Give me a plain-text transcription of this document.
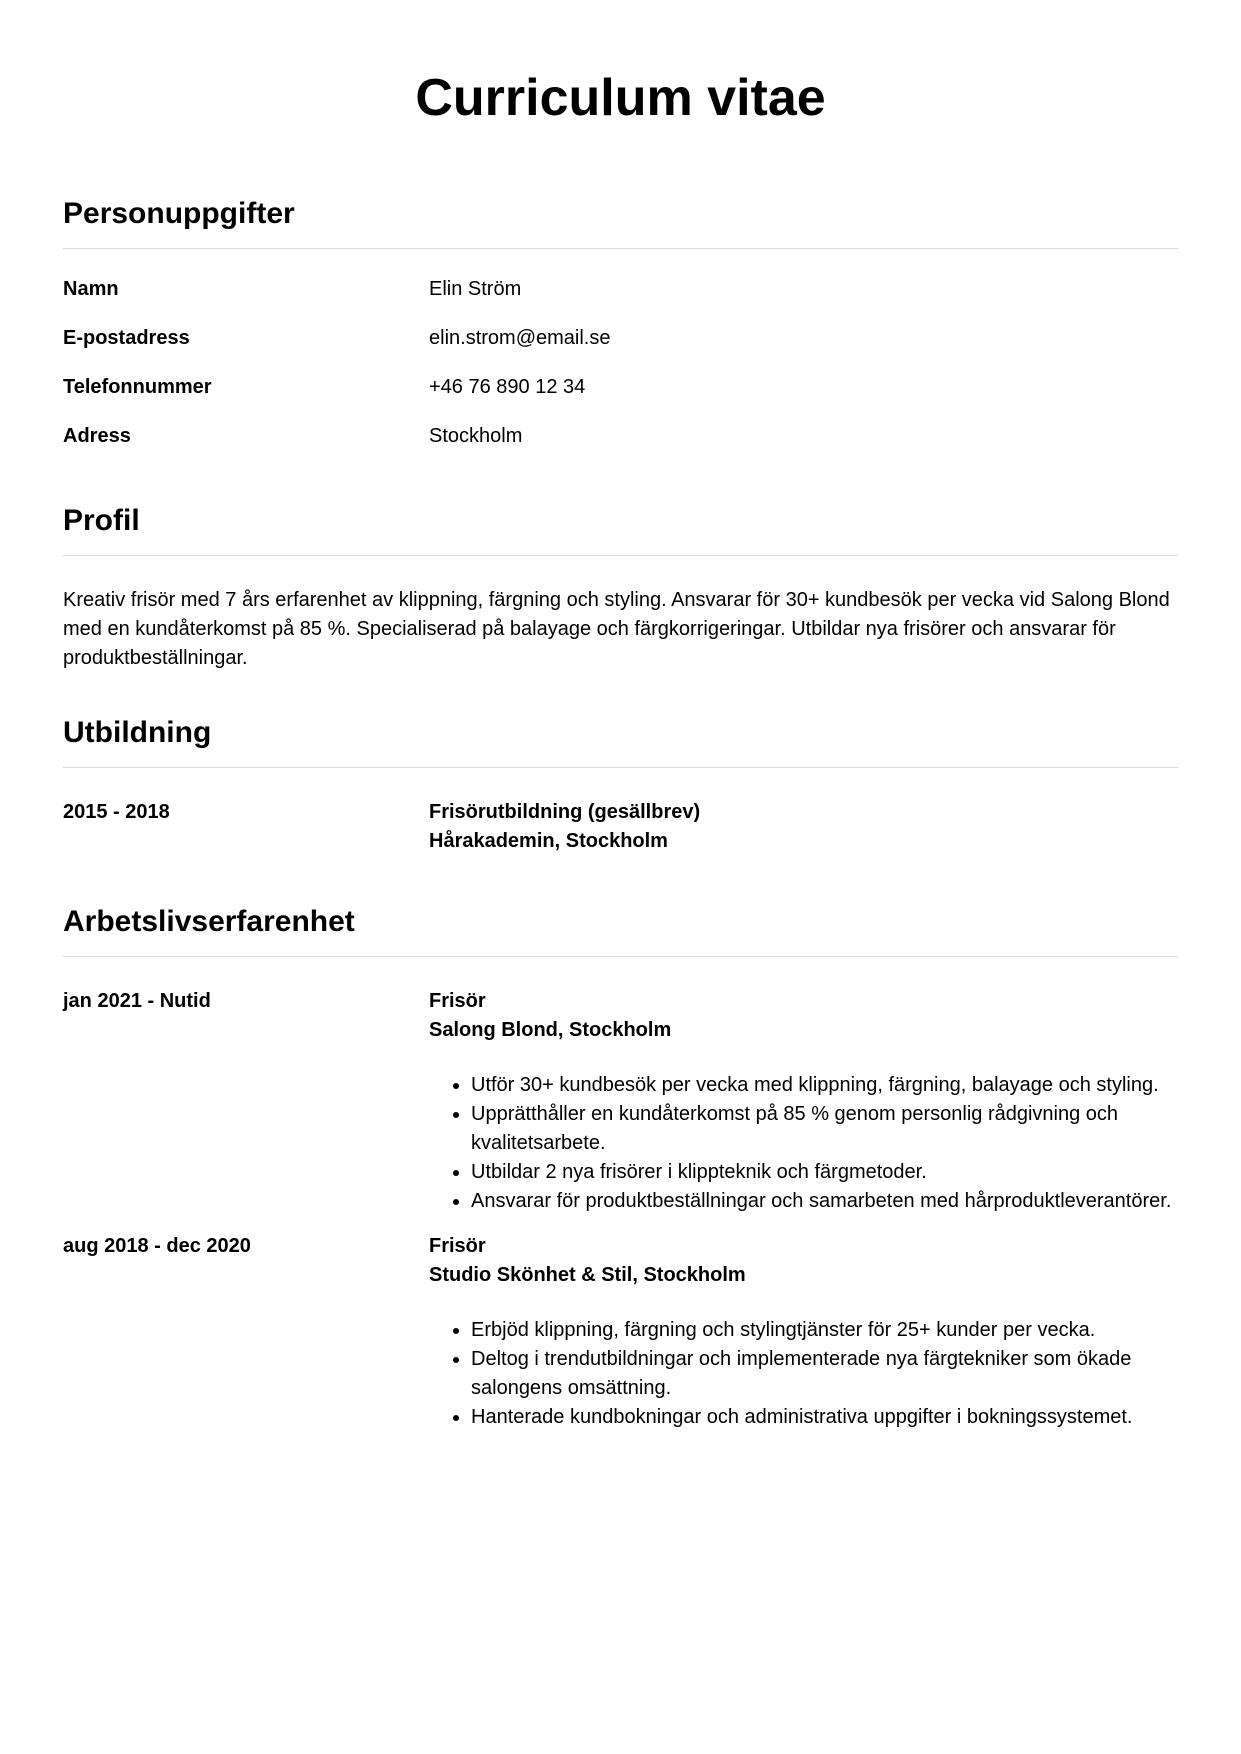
Curriculum vitae
Personuppgifter
Namn	Elin Ström
E-postadress	elin.strom@email.se
Telefonnummer	+46 76 890 12 34
Adress	Stockholm
Profil

Kreativ frisör med 7 års erfarenhet av klippning, färgning och styling. Ansvarar för 30+ kundbesök per vecka vid Salong Blond med en kundåterkomst på 85 %. Specialiserad på balayage och färgkorrigeringar. Utbildar nya frisörer och ansvarar för produktbeställningar.

Utbildning
2015 - 2018	Frisörutbildning (gesällbrev)
Hårakademin, Stockholm
Arbetslivserfarenhet
jan 2021 - Nutid	Frisör
Salong Blond, Stockholm
• Utför 30+ kundbesök per vecka med klippning, färgning, balayage och styling.
• Upprätthåller en kundåterkomst på 85 % genom personlig rådgivning och kvalitetsarbete.
• Utbildar 2 nya frisörer i klippteknik och färgmetoder.
• Ansvarar för produktbeställningar och samarbeten med hårproduktleverantörer.
aug 2018 - dec 2020	Frisör
Studio Skönhet & Stil, Stockholm
• Erbjöd klippning, färgning och stylingtjänster för 25+ kunder per vecka.
• Deltog i trendutbildningar och implementerade nya färgtekniker som ökade salongens omsättning.
• Hanterade kundbokningar och administrativa uppgifter i bokningssystemet.
